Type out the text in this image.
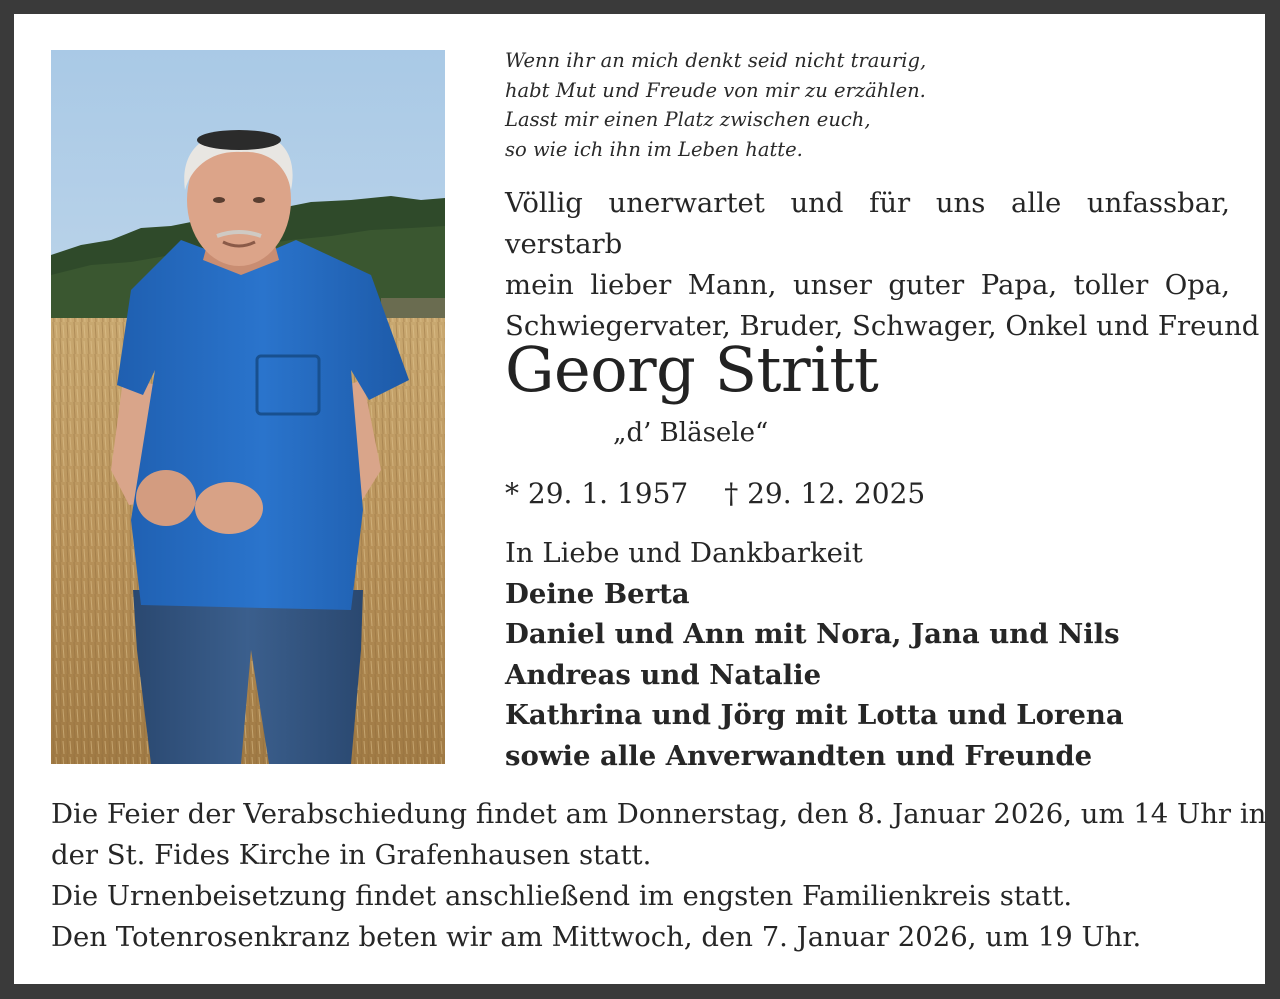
Wenn ihr an mich denkt seid nicht traurig,
habt Mut und Freude von mir zu erzählen.
Lasst mir einen Platz zwischen euch,
so wie ich ihn im Leben hatte.
Völlig unerwartet und für uns alle unfassbar, verstarb
mein lieber Mann, unser guter Papa, toller Opa,
Schwiegervater, Bruder, Schwager, Onkel und Freund
Georg Stritt
„d’ Bläsele“
* 29. 1. 1957 † 29. 12. 2025
In Liebe und Dankbarkeit
Deine Berta
Daniel und Ann mit Nora, Jana und Nils
Andreas und Natalie
Kathrina und Jörg mit Lotta und Lorena
sowie alle Anverwandten und Freunde
Die Feier der Verabschiedung findet am Donnerstag, den 8. Januar 2026, um 14 Uhr in
der St. Fides Kirche in Grafenhausen statt.
Die Urnenbeisetzung findet anschließend im engsten Familienkreis statt.
Den Totenrosenkranz beten wir am Mittwoch, den 7. Januar 2026, um 19 Uhr.
